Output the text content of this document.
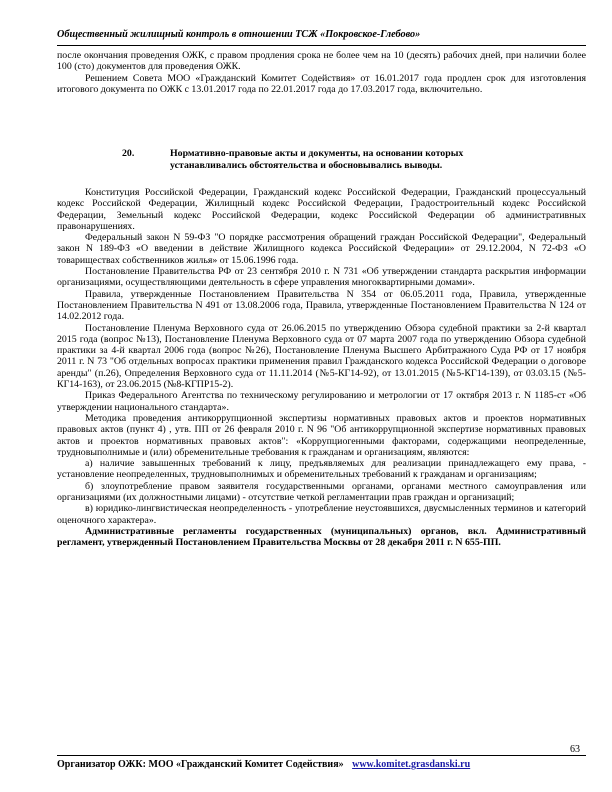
Общественный жилищный контроль в отношении ТСЖ «Покровское-Глебово»

после окончания проведения ОЖК, с правом продления срока не более чем на 10 (десять) рабочих дней, при наличии более 100 (сто) документов для проведения ОЖК.

Решением Совета МОО «Гражданский Комитет Содействия» от 16.01.2017 года продлен срок для изготовления итогового документа по ОЖК с 13.01.2017 года по 22.01.2017 года до 17.03.2017 года, включительно.

20.	Нормативно-правовые акты и документы, на основании которых
устанавливались обстоятельства и обосновывались выводы.

Конституция Российской Федерации, Гражданский кодекс Российской Федерации, Гражданский процессуальный кодекс Российской Федерации, Жилищный кодекс Российской Федерации, Градостроительный кодекс Российской Федерации, Земельный кодекс Российской Федерации, кодекс Российской Федерации об административных правонарушениях.

Федеральный закон N 59-ФЗ "О порядке рассмотрения обращений граждан Российской Федерации", Федеральный закон N 189-ФЗ «О введении в действие Жилищного кодекса Российской Федерации» от 29.12.2004, N 72-ФЗ «О товариществах собственников жилья» от 15.06.1996 года.

Постановление Правительства РФ от 23 сентября 2010 г. N 731 «Об утверждении стандарта раскрытия информации организациями, осуществляющими деятельность в сфере управления многоквартирными домами».

Правила, утвержденные Постановлением Правительства N 354 от 06.05.2011 года, Правила, утвержденные Постановлением Правительства N 491 от 13.08.2006 года, Правила, утвержденные Постановлением Правительства N 124 от 14.02.2012 года.

Постановление Пленума Верховного суда от 26.06.2015 по утверждению Обзора судебной практики за 2-й квартал 2015 года (вопрос №13), Постановление Пленума Верховного суда от 07 марта 2007 года по утверждению Обзора судебной практики за 4-й квартал 2006 года (вопрос №26), Постановление Пленума Высшего Арбитражного Суда РФ от 17 ноября 2011 г. N 73 "Об отдельных вопросах практики применения правил Гражданского кодекса Российской Федерации о договоре аренды" (п.26), Определения Верховного суда от 11.11.2014 (№5-КГ14-92), от 13.01.2015 (№5-КГ14-139), от 03.03.15 (№5-КГ14-163), от 23.06.2015 (№8-КГПР15-2).

Приказ Федерального Агентства по техническому регулированию и метрологии от 17 октября 2013 г. N 1185-ст «Об утверждении национального стандарта».

Методика проведения антикоррупционной экспертизы нормативных правовых актов и проектов нормативных правовых актов (пункт 4) , утв. ПП от 26 февраля 2010 г. N 96 "Об антикоррупционной экспертизе нормативных правовых актов и проектов нормативных правовых актов": «Коррупциогенными факторами, содержащими неопределенные, трудновыполнимые и (или) обременительные требования к гражданам и организациям, являются:

а) наличие завышенных требований к лицу, предъявляемых для реализации принадлежащего ему права, - установление неопределенных, трудновыполнимых и обременительных требований к гражданам и организациям;

б) злоупотребление правом заявителя государственными органами, органами местного самоуправления или организациями (их должностными лицами) - отсутствие четкой регламентации прав граждан и организаций;

в) юридико-лингвистическая неопределенность - употребление неустоявшихся, двусмысленных терминов и категорий оценочного характера».

Административные регламенты государственных (муниципальных) органов, вкл. Административный регламент, утвержденный Постановлением Правительства Москвы от 28 декабря 2011 г. N 655-ПП.

63
Организатор ОЖК: МОО «Гражданский Комитет Содействия» www.komitet.grasdanski.ru
